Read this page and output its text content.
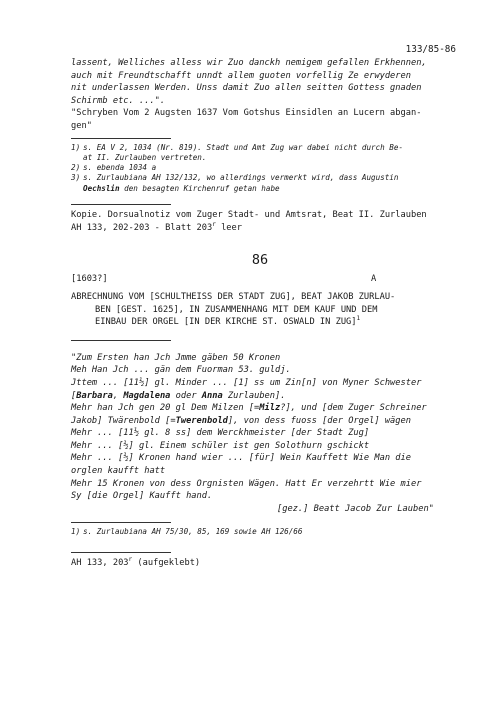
133/85-86

lassent, Welliches alless wir Zuo danckh nemigem gefallen Erkhennen,
auch mit Freundtschafft unndt allem guoten vorfellig Ze erwyderen
nit underlassen Werden. Unss damit Zuo allen seitten Gottess gnaden
Schirmb etc. ...".

"Schryben Vom 2 Augsten 1637 Vom Gotshus Einsidlen an Lucern abgan-
gen"

1) s. EA V 2, 1034 (Nr. 819). Stadt und Amt Zug war dabei nicht durch Be-
at II. Zurlauben vertreten.
2) s. ebenda 1034 a
3) s. Zurlaubiana AH 132/132, wo allerdings vermerkt wird, dass Augustin
Oechslin den besagten Kirchenruf getan habe

Kopie. Dorsualnotiz vom Zuger Stadt- und Amtsrat, Beat II. Zurlauben
AH 133, 202-203 - Blatt 203$^r$ leer

86

[1603?]	A

ABRECHNUNG VOM [SCHULTHEISS DER STADT ZUG], BEAT JAKOB ZURLAU-
BEN [GEST. 1625], IN ZUSAMMENHANG MIT DEM KAUF UND DEM
EINBAU DER ORGEL [IN DER KIRCHE ST. OSWALD IN ZUG]$^1$

"Zum Ersten han Jch Jmme gäben 50 Kronen
Meh Han Jch ... gän dem Fuorman 53. guldj.
Jttem ... [11½] gl. Minder ... [1] ss um Zin[n] von Myner Schwester
[Barbara, Magdalena oder Anna Zurlauben].
Mehr han Jch gen 20 gl Dem Milzen [=Milz?], und [dem Zuger Schreiner
Jakob] Twärenbold [=Twerenbold], von dess fuoss [der Orgel] wägen
Mehr ... [11½ gl. 8 ss] dem Werckhmeister [der Stadt Zug]
Mehr ... [½] gl. Einem schüler ist gen Solothurn gschickt
Mehr ... [½] Kronen hand wier ... [für] Wein Kauffett Wie Man die
orglen kaufft hatt
Mehr 15 Kronen von dess Orgnisten Wägen. Hatt Er verzehrtt Wie mier
Sy [die Orgel] Kaufft hand.
[gez.] Beatt Jacob Zur Lauben"

1) s. Zurlaubiana AH 75/30, 85, 169 sowie AH 126/66

AH 133, 203$^r$ (aufgeklebt)
